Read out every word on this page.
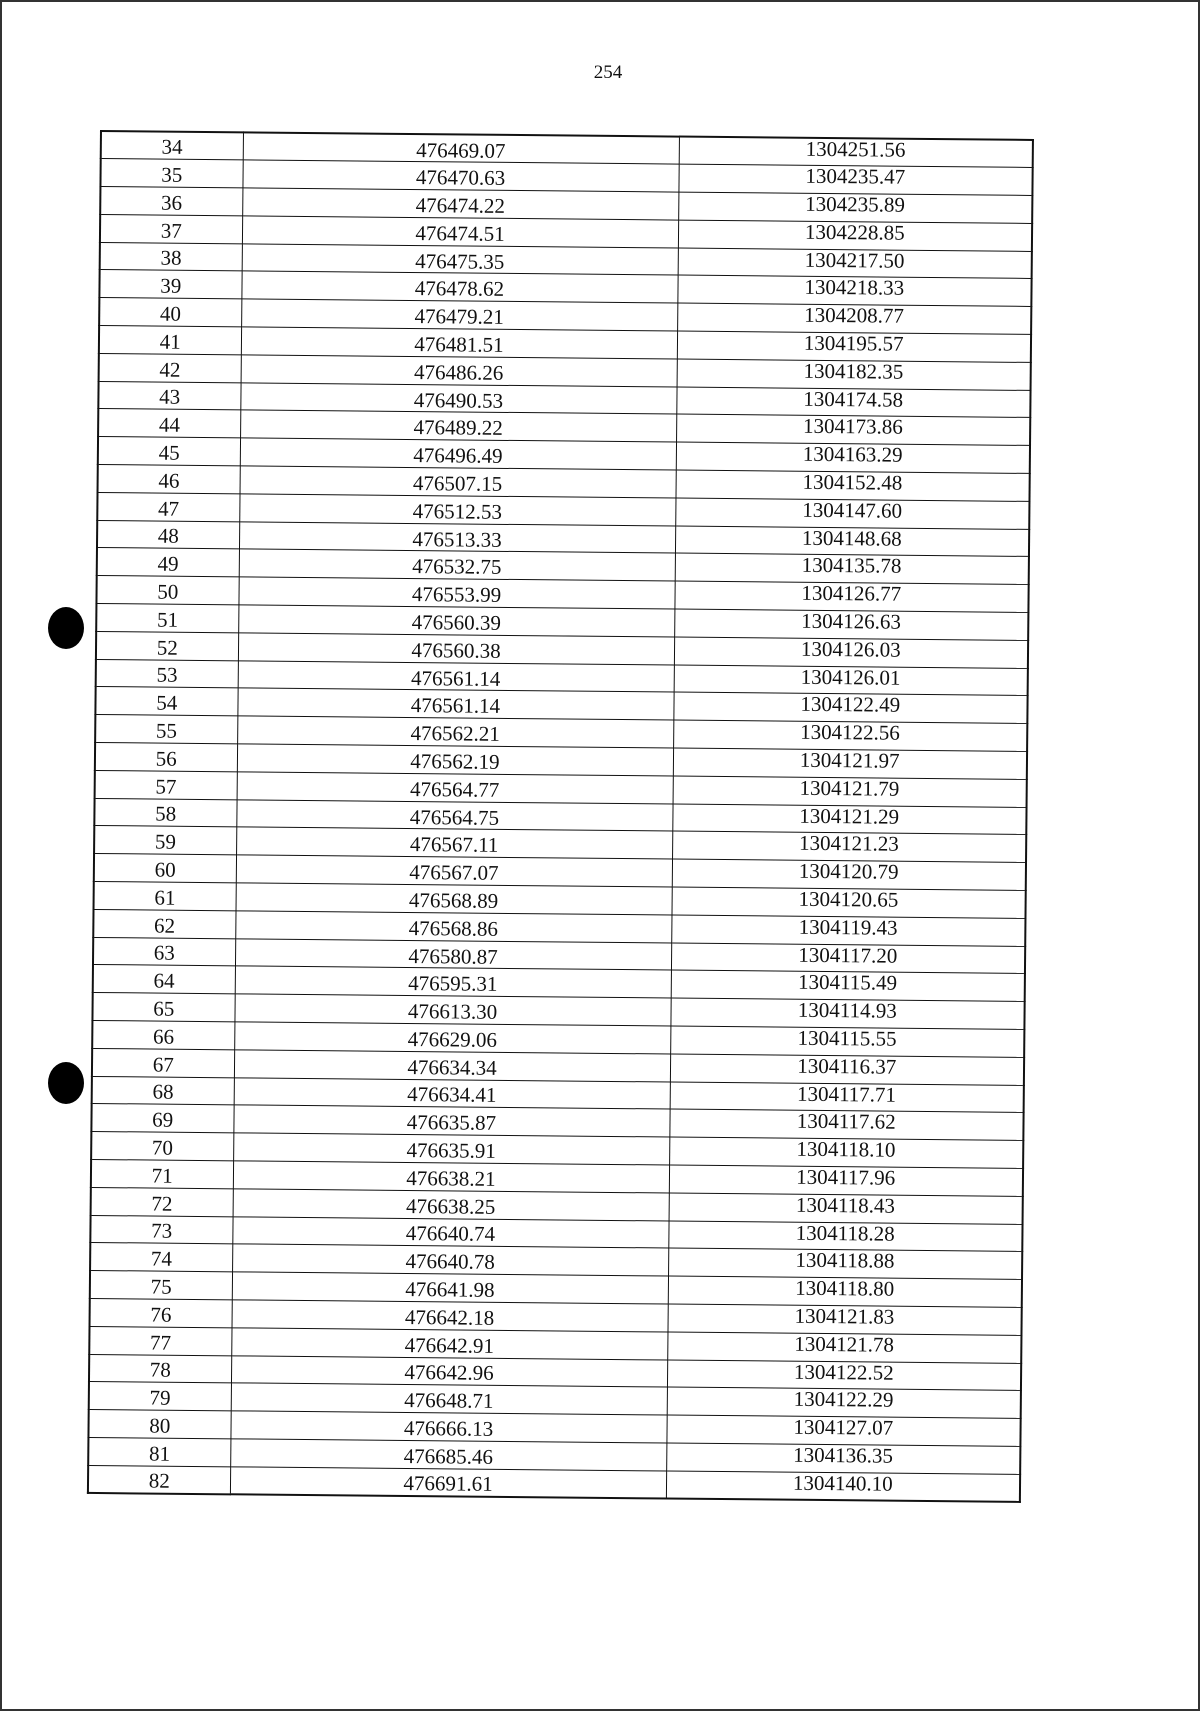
254
34	476469.07	1304251.56
35	476470.63	1304235.47
36	476474.22	1304235.89
37	476474.51	1304228.85
38	476475.35	1304217.50
39	476478.62	1304218.33
40	476479.21	1304208.77
41	476481.51	1304195.57
42	476486.26	1304182.35
43	476490.53	1304174.58
44	476489.22	1304173.86
45	476496.49	1304163.29
46	476507.15	1304152.48
47	476512.53	1304147.60
48	476513.33	1304148.68
49	476532.75	1304135.78
50	476553.99	1304126.77
51	476560.39	1304126.63
52	476560.38	1304126.03
53	476561.14	1304126.01
54	476561.14	1304122.49
55	476562.21	1304122.56
56	476562.19	1304121.97
57	476564.77	1304121.79
58	476564.75	1304121.29
59	476567.11	1304121.23
60	476567.07	1304120.79
61	476568.89	1304120.65
62	476568.86	1304119.43
63	476580.87	1304117.20
64	476595.31	1304115.49
65	476613.30	1304114.93
66	476629.06	1304115.55
67	476634.34	1304116.37
68	476634.41	1304117.71
69	476635.87	1304117.62
70	476635.91	1304118.10
71	476638.21	1304117.96
72	476638.25	1304118.43
73	476640.74	1304118.28
74	476640.78	1304118.88
75	476641.98	1304118.80
76	476642.18	1304121.83
77	476642.91	1304121.78
78	476642.96	1304122.52
79	476648.71	1304122.29
80	476666.13	1304127.07
81	476685.46	1304136.35
82	476691.61	1304140.10
